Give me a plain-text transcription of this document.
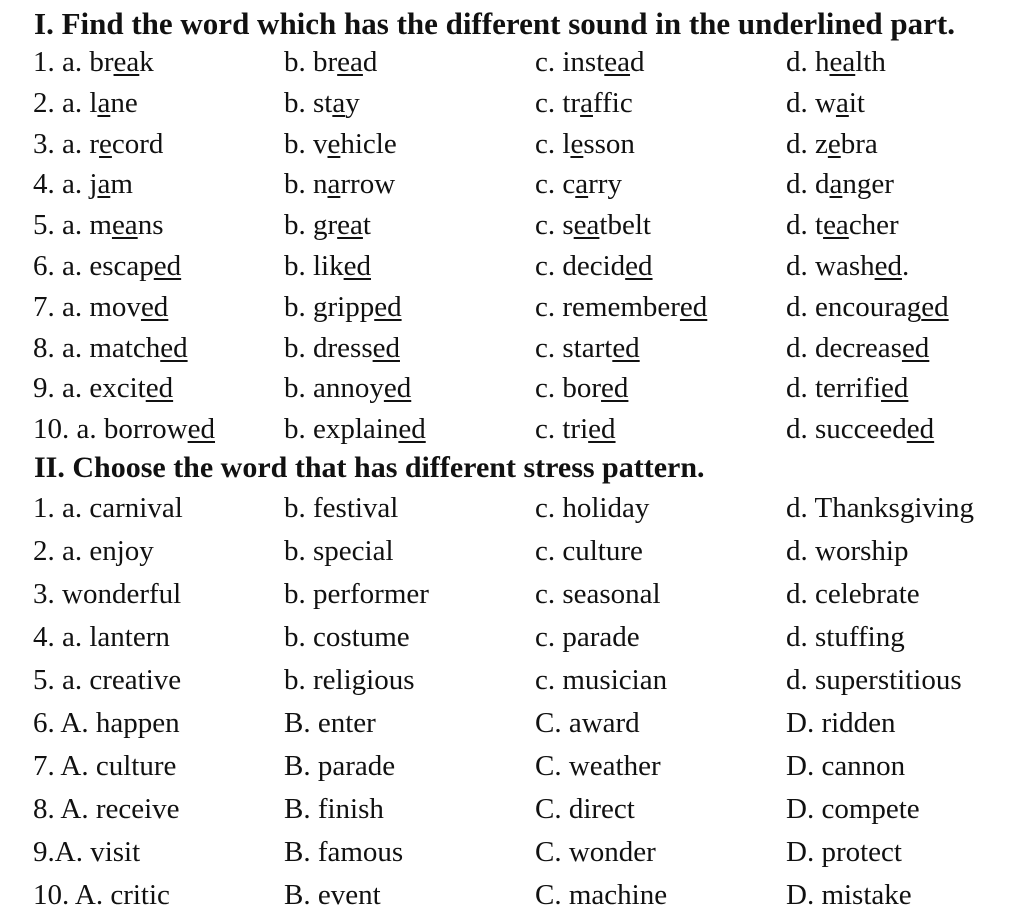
I. Find the word which has the different sound in the underlined part.
1. a. break	b. bread	c. instead	d. health
2. a. lane	b. stay	c. traffic	d. wait
3. a. record	b. vehicle	c. lesson	d. zebra
4. a. jam	b. narrow	c. carry	d. danger
5. a. means	b. great	c. seatbelt	d. teacher
6. a. escaped	b. liked	c. decided	d. washed.
7. a. moved	b. gripped	c. remembered	d. encouraged
8. a. matched	b. dressed	c. started	d. decreased
9. a. excited	b. annoyed	c. bored	d. terrified
10. a. borrowed b. explained	c. tried	d. succeeded
II. Choose the word that has different stress pattern.
1. a. carnival	b. festival	c. holiday	d. Thanksgiving
2. a. enjoy	b. special	c. culture	d. worship
3. wonderful	b. performer	c. seasonal	d. celebrate
4. a. lantern	b. costume	c. parade	d. stuffing
5. a. creative	b. religious	c. musician	d. superstitious
6. A. happen	B. enter	C. award	D. ridden
7. A. culture	B. parade	C. weather	D. cannon
8. A. receive	B. finish	C. direct	D. compete
9.A. visit	B. famous	C. wonder	D. protect
10. A. critic	B. event	C. machine	D. mistake
